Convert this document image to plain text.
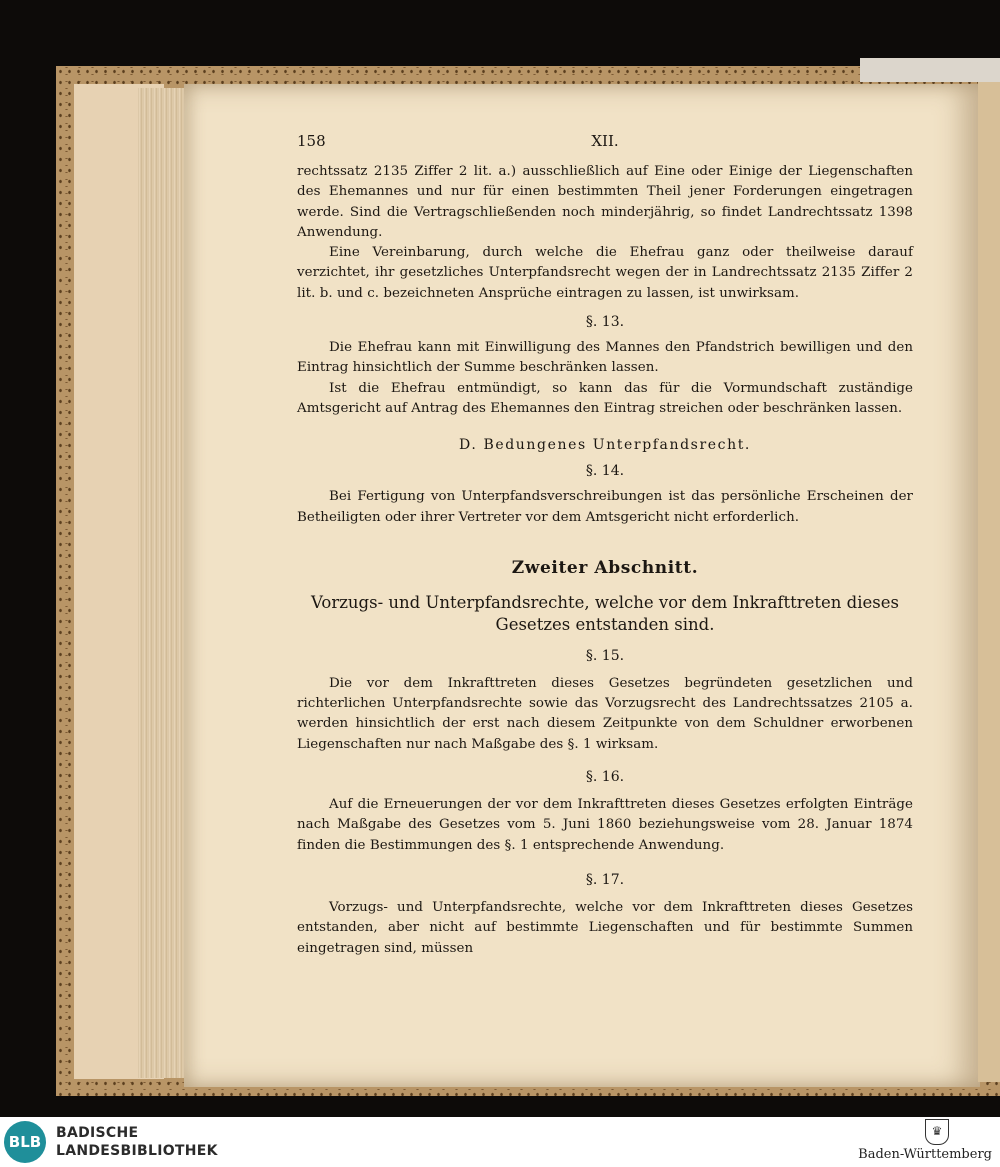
158	XII.

rechtssatz 2135 Ziffer 2 lit. a.) ausschließlich auf Eine oder Einige der Liegenschaften des Ehemannes und nur für einen bestimmten Theil jener Forderungen eingetragen werde. Sind die Vertragschließenden noch minderjährig, so findet Landrechtssatz 1398 Anwendung.

Eine Vereinbarung, durch welche die Ehefrau ganz oder theilweise darauf verzichtet, ihr gesetzliches Unterpfandsrecht wegen der in Landrechtssatz 2135 Ziffer 2 lit. b. und c. bezeichneten Ansprüche eintragen zu lassen, ist unwirksam.

§. 13.

Die Ehefrau kann mit Einwilligung des Mannes den Pfandstrich bewilligen und den Eintrag hinsichtlich der Summe beschränken lassen.

Ist die Ehefrau entmündigt, so kann das für die Vormundschaft zuständige Amtsgericht auf Antrag des Ehemannes den Eintrag streichen oder beschränken lassen.

D. Bedungenes Unterpfandsrecht.

§. 14.

Bei Fertigung von Unterpfandsverschreibungen ist das persönliche Erscheinen der Betheiligten oder ihrer Vertreter vor dem Amtsgericht nicht erforderlich.

Zweiter Abschnitt.

Vorzugs- und Unterpfandsrechte, welche vor dem Inkrafttreten dieses Gesetzes entstanden sind.

§. 15.

Die vor dem Inkrafttreten dieses Gesetzes begründeten gesetzlichen und richterlichen Unterpfandsrechte sowie das Vorzugsrecht des Landrechtssatzes 2105 a. werden hinsichtlich der erst nach diesem Zeitpunkte von dem Schuldner erworbenen Liegenschaften nur nach Maßgabe des §. 1 wirksam.

§. 16.

Auf die Erneuerungen der vor dem Inkrafttreten dieses Gesetzes erfolgten Einträge nach Maßgabe des Gesetzes vom 5. Juni 1860 beziehungsweise vom 28. Januar 1874 finden die Bestimmungen des §. 1 entsprechende Anwendung.

§. 17.

Vorzugs- und Unterpfandsrechte, welche vor dem Inkrafttreten dieses Gesetzes entstanden, aber nicht auf bestimmte Liegenschaften und für bestimmte Summen eingetragen sind, müssen

BLB	BADISCHE
LANDESBIBLIOTHEK
♛
Baden-Württemberg
